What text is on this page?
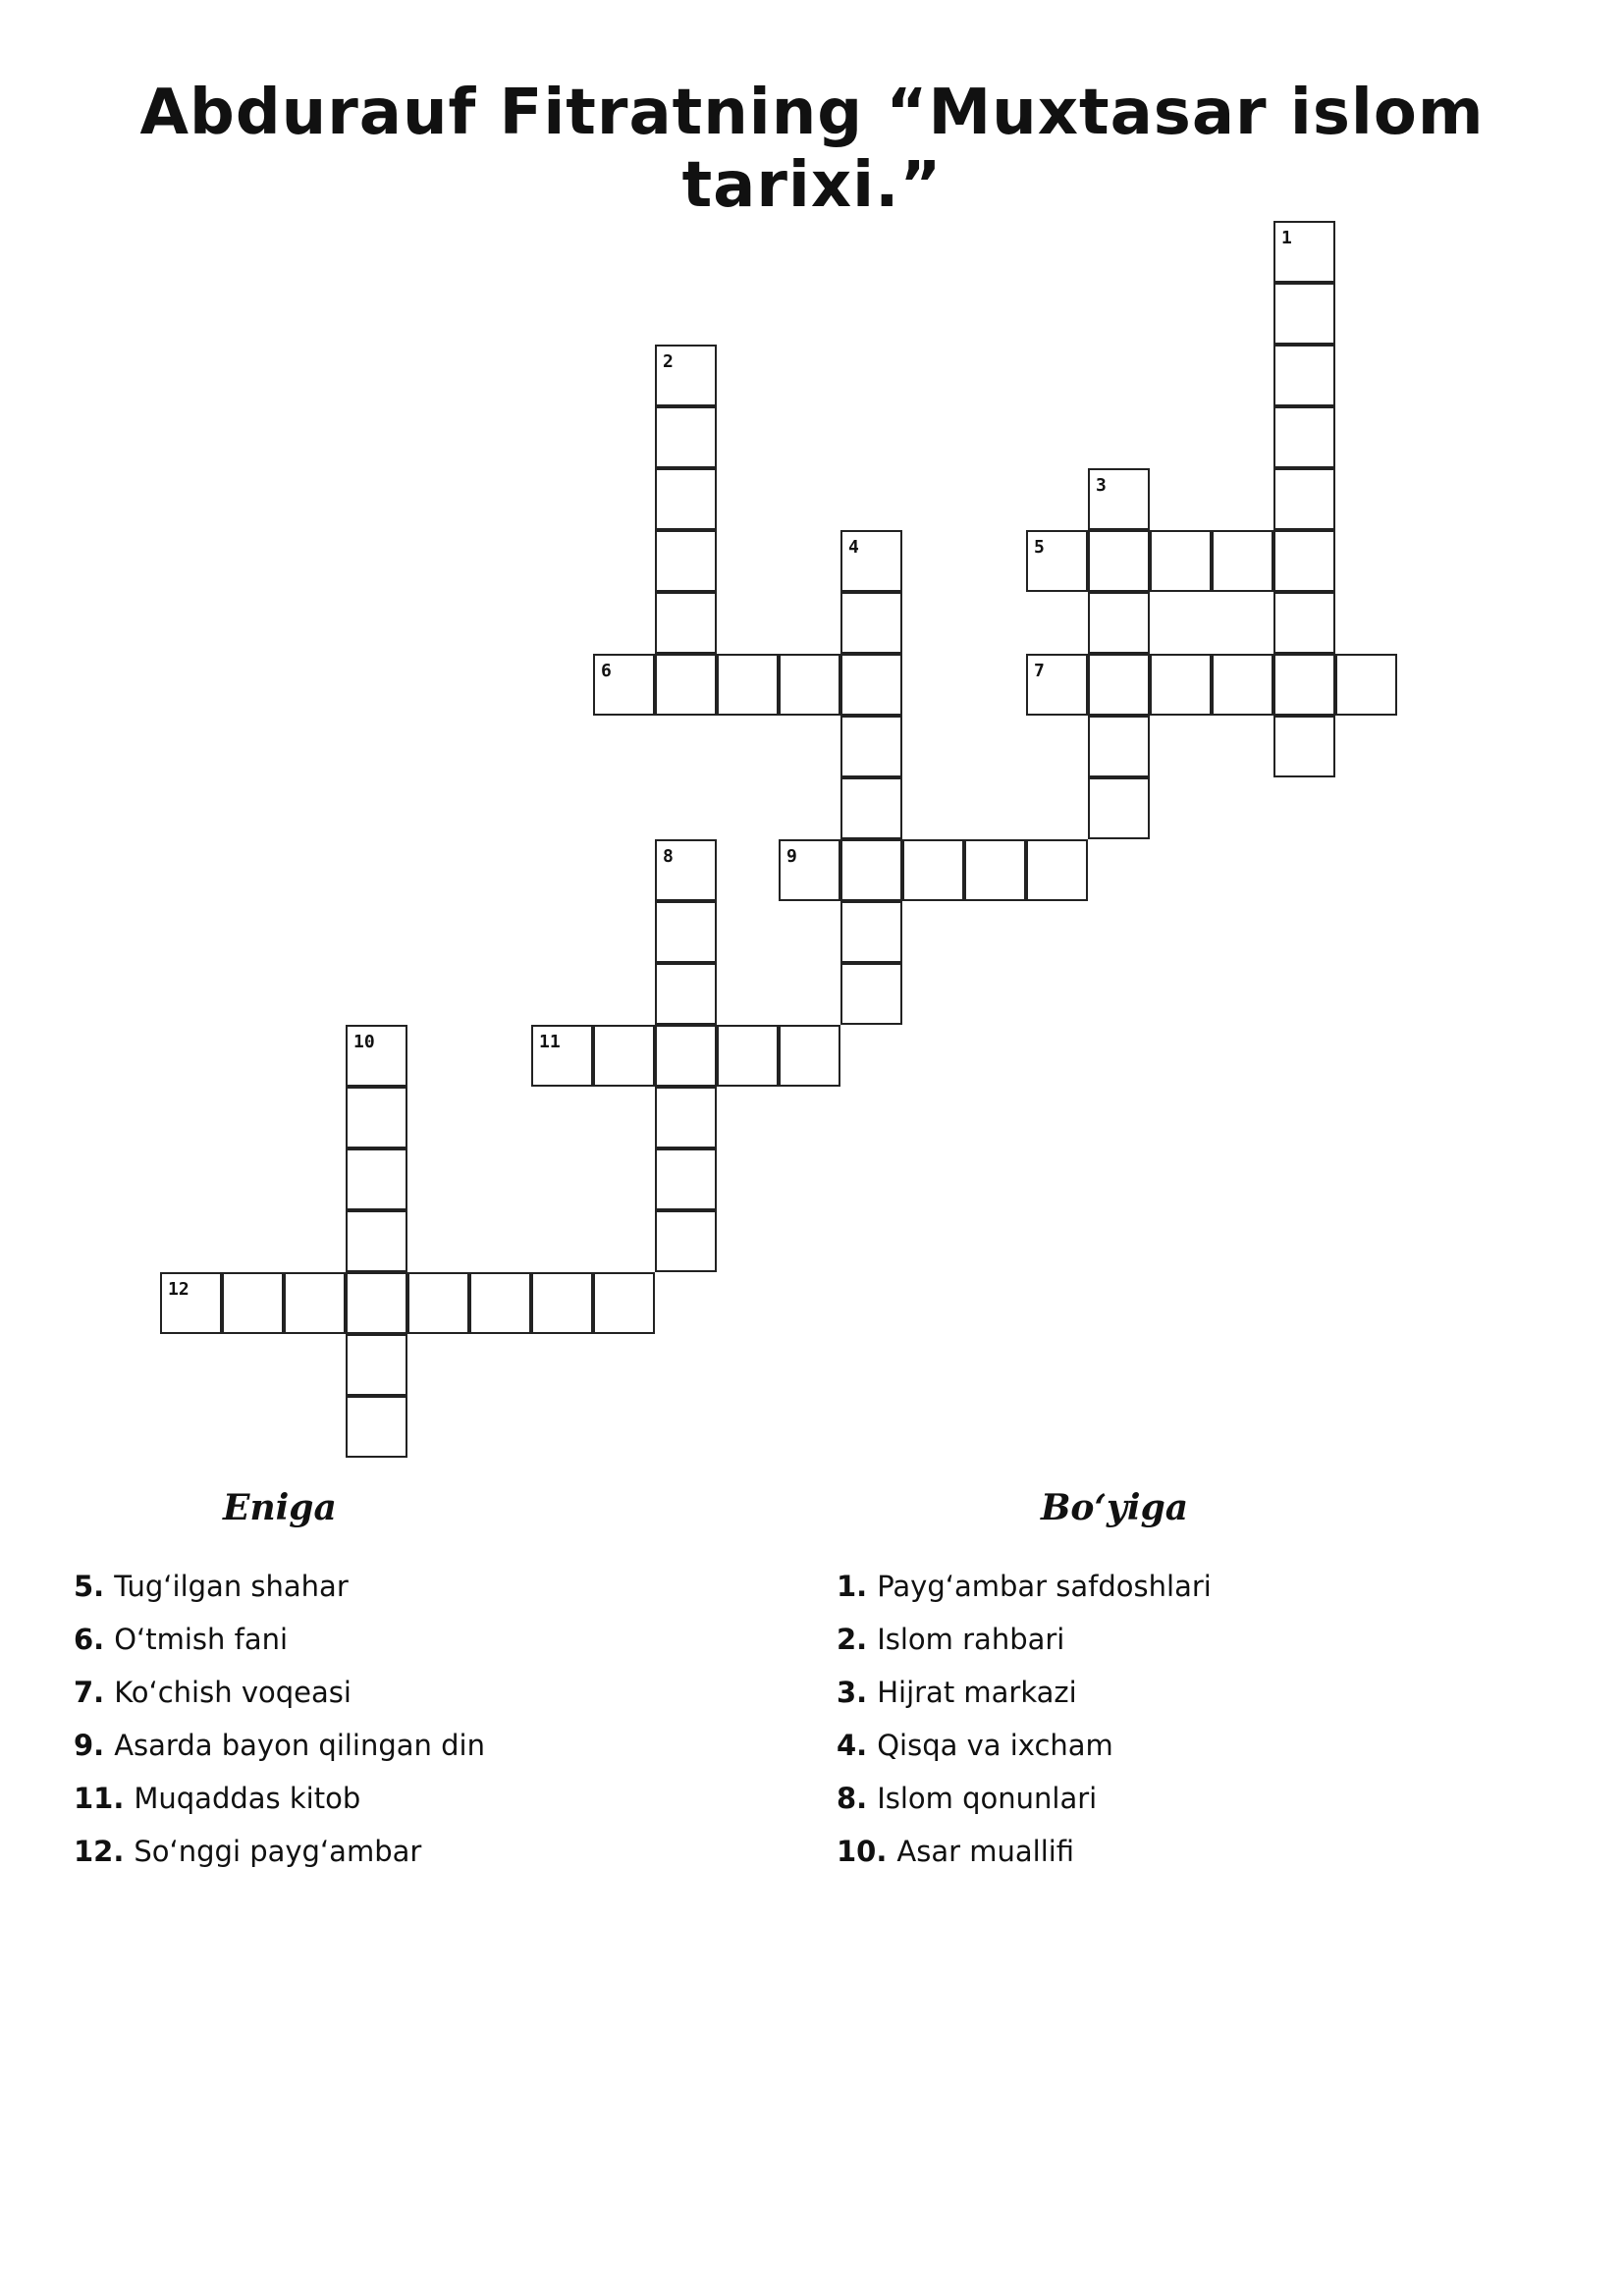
Abdurauf Fitratning “Muxtasar islom tarixi.”
1
2
3
4	5
6	7
8	9
10	11
12
Eniga
5. Tug‘ilgan shahar
6. O‘tmish fani
7. Ko‘chish voqeasi
9. Asarda bayon qilingan din
11. Muqaddas kitob
12. So‘nggi payg‘ambar
Bo‘yiga
1. Payg‘ambar safdoshlari
2. Islom rahbari
3. Hijrat markazi
4. Qisqa va ixcham
8. Islom qonunlari
10. Asar muallifi
